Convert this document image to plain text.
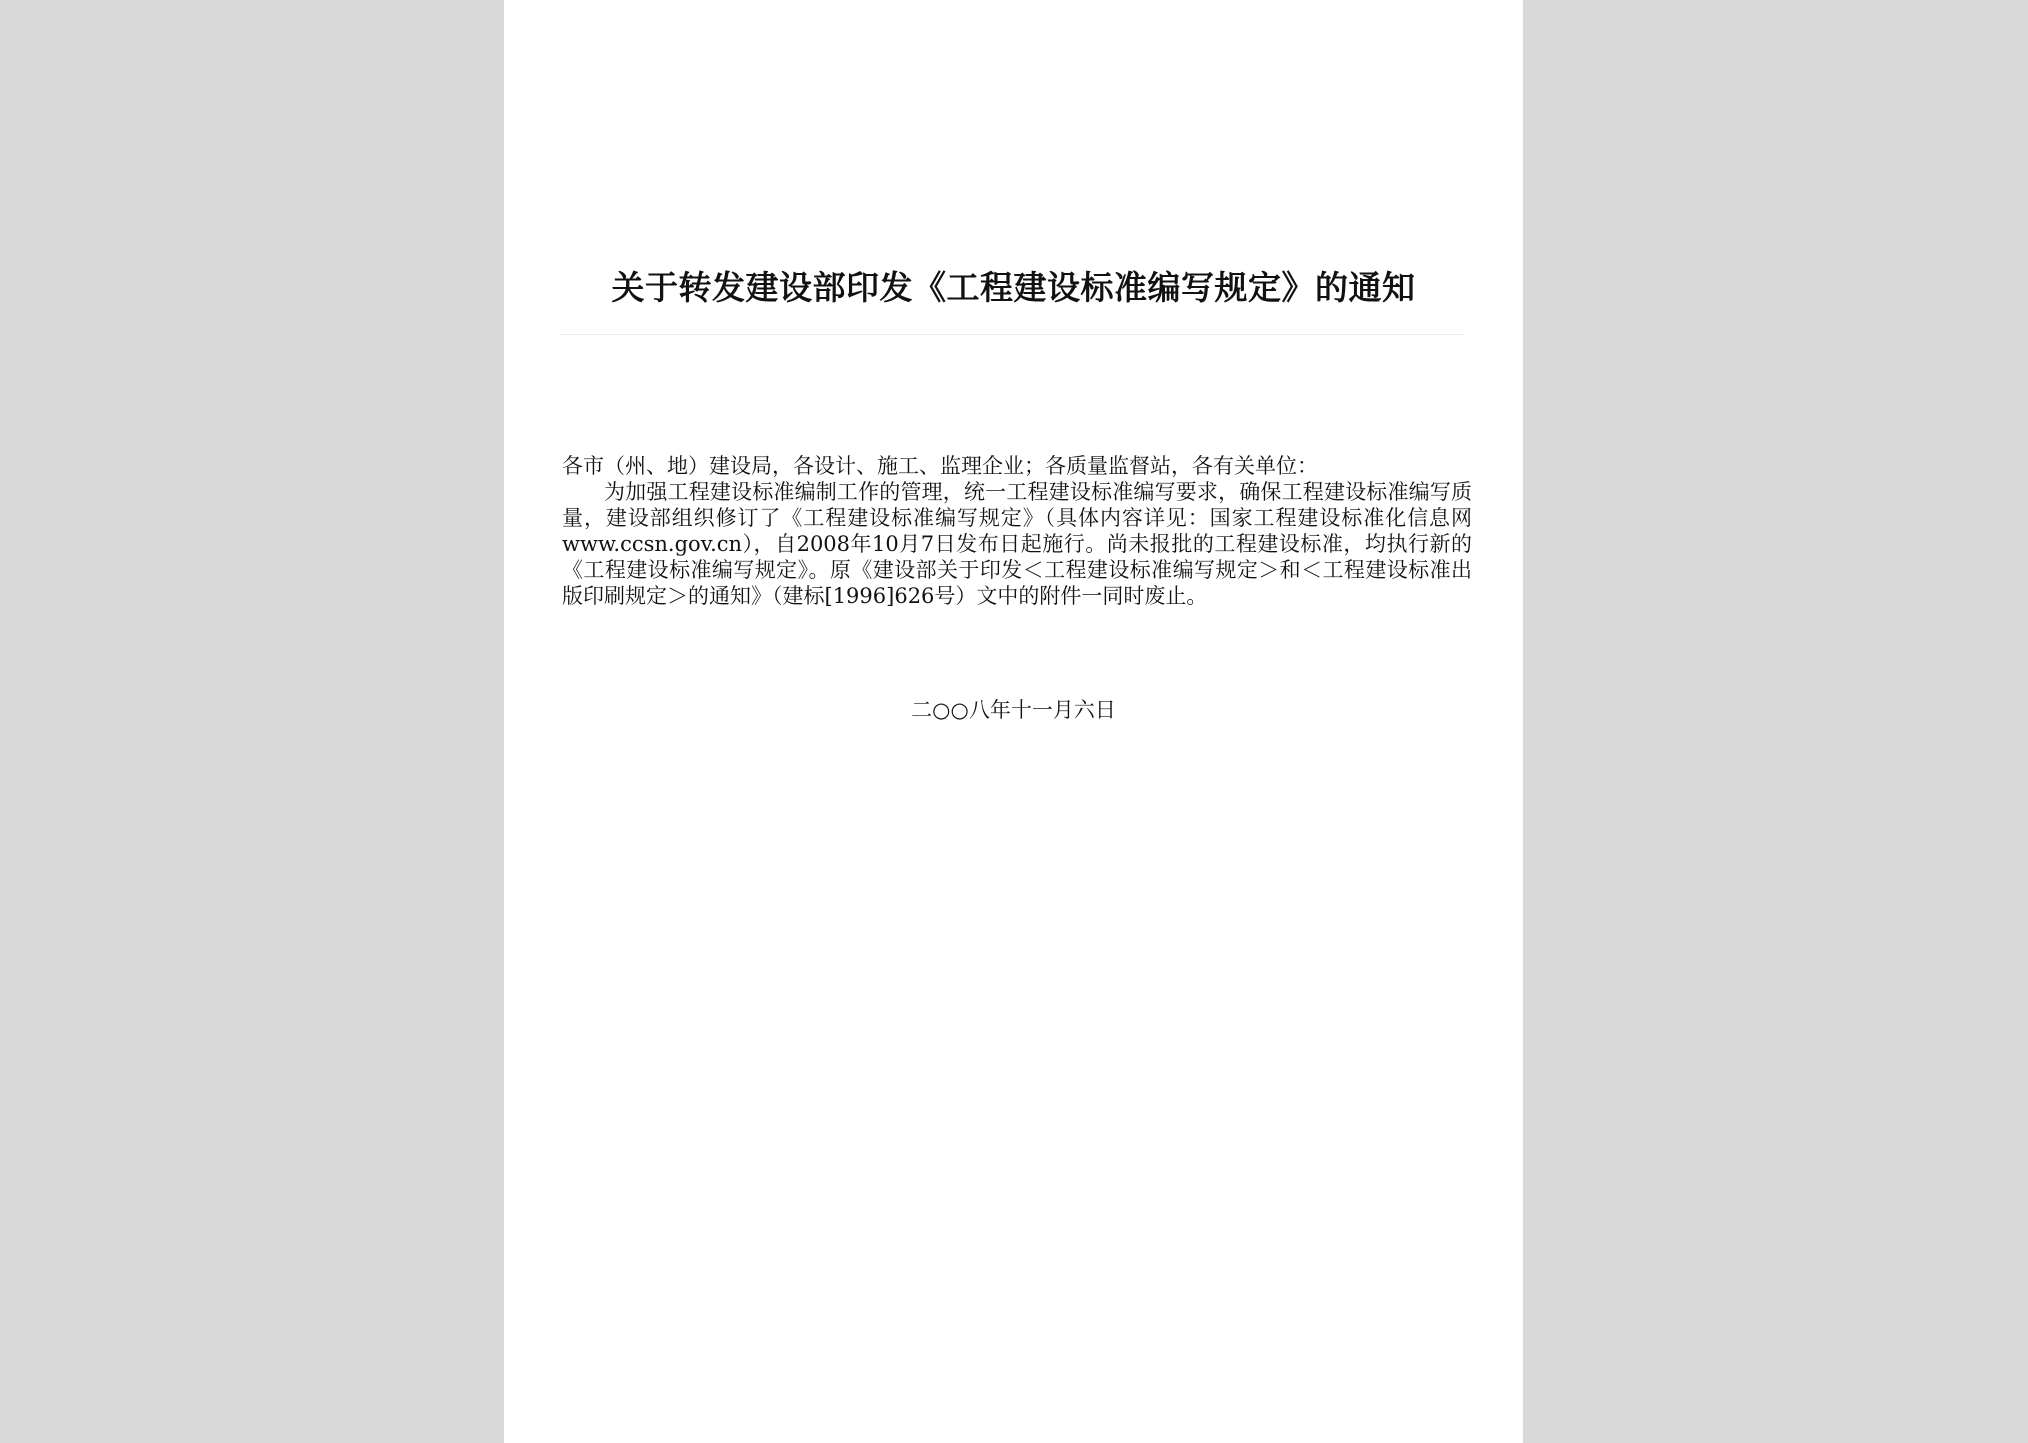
关于转发建设部印发《工程建设标准编写规定》的通知

各市（州、地）建设局，各设计、施工、监理企业；各质量监督站，各有关单位：

为加强工程建设标准编制工作的管理，统一工程建设标准编写要求，确保工程建设标准编写质量，建设部组织修订了《工程建设标准编写规定》（具体内容详见：国家工程建设标准化信息网www.ccsn.gov.cn），自2008年10月7日发布日起施行。尚未报批的工程建设标准，均执行新的《工程建设标准编写规定》。原《建设部关于印发＜工程建设标准编写规定＞和＜工程建设标准出版印刷规定＞的通知》（建标[1996]626号）文中的附件一同时废止。

二○○八年十一月六日
